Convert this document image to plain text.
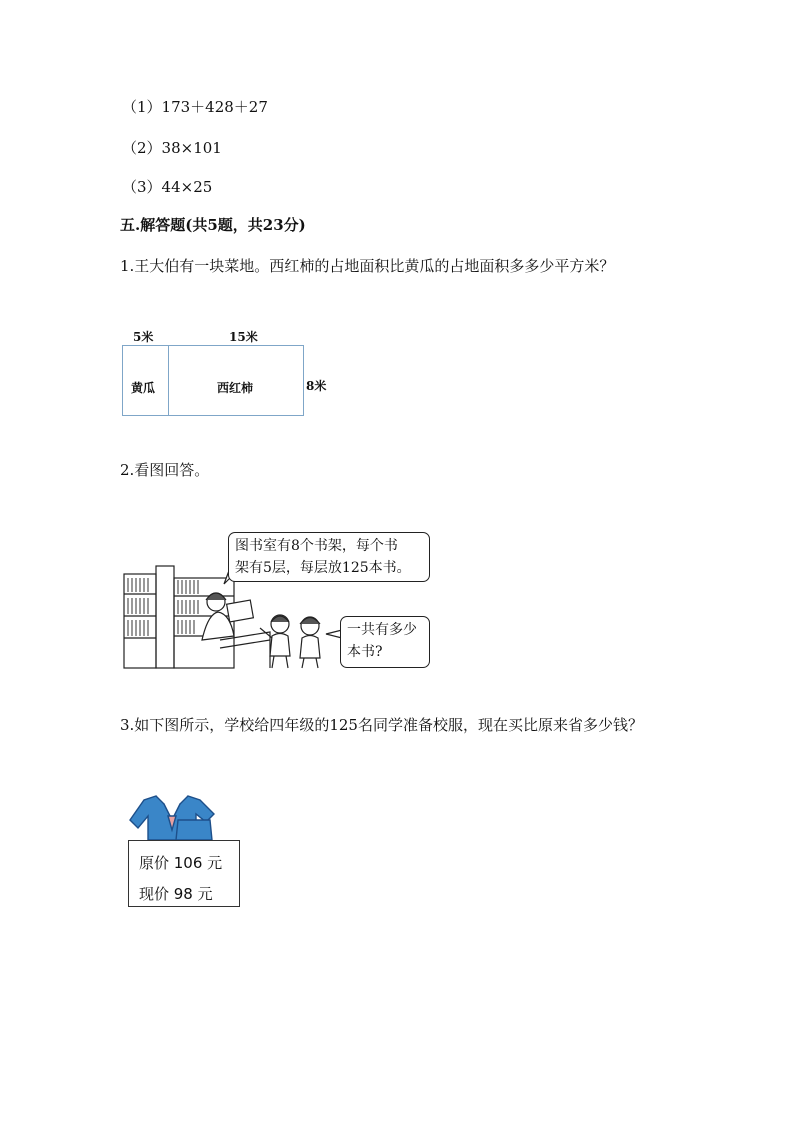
（1）173＋428＋27
（2）38×101
（3）44×25
五.解答题(共5题，共23分)
1.王大伯有一块菜地。西红柿的占地面积比黄瓜的占地面积多多少平方米？
5米	15米
黄瓜	西红柿	8米
2.看图回答。
图书室有8个书架，每个书
架有5层，每层放125本书。
一共有多少
本书?
3.如下图所示，学校给四年级的125名同学准备校服，现在买比原来省多少钱？
原价 106 元
现价 98 元
